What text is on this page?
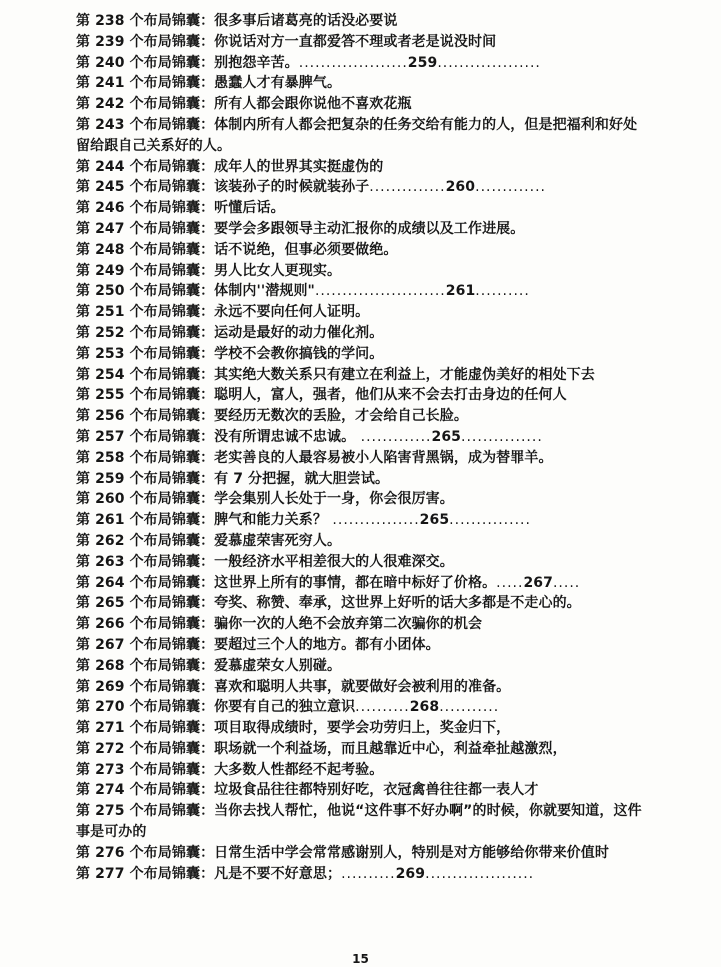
第 238 个布局锦囊：很多事后诸葛亮的话没必要说
第 239 个布局锦囊：你说话对方一直都爱答不理或者老是说没时间
第 240 个布局锦囊：别抱怨辛苦。....................259...................
第 241 个布局锦囊：愚蠢人才有暴脾气。
第 242 个布局锦囊：所有人都会跟你说他不喜欢花瓶
第 243 个布局锦囊：体制内所有人都会把复杂的任务交给有能力的人，但是把福利和好处留给跟自己关系好的人。
第 244 个布局锦囊：成年人的世界其实挺虚伪的
第 245 个布局锦囊：该装孙子的时候就装孙子..............260.............
第 246 个布局锦囊：听懂后话。
第 247 个布局锦囊：要学会多跟领导主动汇报你的成绩以及工作进展。
第 248 个布局锦囊：话不说绝，但事必须要做绝。
第 249 个布局锦囊：男人比女人更现实。
第 250 个布局锦囊：体制内''潜规则"........................261..........
第 251 个布局锦囊：永远不要向任何人证明。
第 252 个布局锦囊：运动是最好的动力催化剂。
第 253 个布局锦囊：学校不会教你搞钱的学问。
第 254 个布局锦囊：其实绝大数关系只有建立在利益上，才能虚伪美好的相处下去
第 255 个布局锦囊：聪明人，富人，强者，他们从来不会去打击身边的任何人
第 256 个布局锦囊：要经历无数次的丢脸，才会给自己长脸。
第 257 个布局锦囊：没有所谓忠诚不忠诚。 .............265...............
第 258 个布局锦囊：老实善良的人最容易被小人陷害背黑锅，成为替罪羊。
第 259 个布局锦囊：有 7 分把握，就大胆尝试。
第 260 个布局锦囊：学会集别人长处于一身，你会很厉害。
第 261 个布局锦囊：脾气和能力关系？ ................265...............
第 262 个布局锦囊：爱慕虚荣害死穷人。
第 263 个布局锦囊：一般经济水平相差很大的人很难深交。
第 264 个布局锦囊：这世界上所有的事情，都在暗中标好了价格。.....267.....
第 265 个布局锦囊：夸奖、称赞、奉承，这世界上好听的话大多都是不走心的。
第 266 个布局锦囊：骗你一次的人绝不会放弃第二次骗你的机会
第 267 个布局锦囊：要超过三个人的地方。都有小团体。
第 268 个布局锦囊：爱慕虚荣女人别碰。
第 269 个布局锦囊：喜欢和聪明人共事，就要做好会被利用的准备。
第 270 个布局锦囊：你要有自己的独立意识..........268...........
第 271 个布局锦囊：项目取得成绩时，要学会功劳归上，奖金归下，
第 272 个布局锦囊：职场就一个利益场，而且越靠近中心，利益牵扯越激烈，
第 273 个布局锦囊：大多数人性都经不起考验。
第 274 个布局锦囊：垃圾食品往往都特别好吃，衣冠禽兽往往都一表人才
第 275 个布局锦囊：当你去找人帮忙，他说“这件事不好办啊”的时候，你就要知道，这件事是可办的
第 276 个布局锦囊：日常生活中学会常常感谢别人，特别是对方能够给你带来价值时
第 277 个布局锦囊：凡是不要不好意思；..........269....................
15
